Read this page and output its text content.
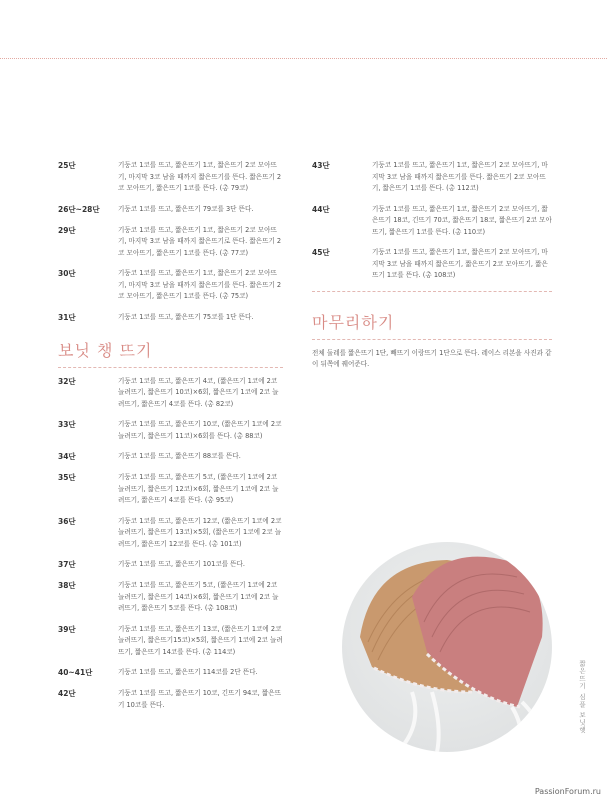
25단	기둥코 1코를 뜨고, 짧은뜨기 1코, 짧은뜨기 2코 모아뜨기, 마지막 3코 남을 때까지 짧은뜨기를 뜬다. 짧은뜨기 2코 모아뜨기, 짧은뜨기 1코를 뜬다. (총 79코)
26단~28단	기둥코 1코를 뜨고, 짧은뜨기 79코를 3단 뜬다.
29단	기둥코 1코를 뜨고, 짧은뜨기 1코, 짧은뜨기 2코 모아뜨기, 마지막 3코 남을 때까지 짧은뜨기로 뜬다. 짧은뜨기 2코 모아뜨기, 짧은뜨기 1코를 뜬다. (총 77코)
30단	기둥코 1코를 뜨고, 짧은뜨기 1코, 짧은뜨기 2코 모아뜨기, 마지막 3코 남을 때까지 짧은뜨기를 뜬다. 짧은뜨기 2코 모아뜨기, 짧은뜨기 1코를 뜬다. (총 75코)
31단	기둥코 1코를 뜨고, 짧은뜨기 75코를 1단 뜬다.
보닛 챙 뜨기
32단	기둥코 1코를 뜨고, 짧은뜨기 4코, (짧은뜨기 1코에 2코 늘려뜨기, 짧은뜨기 10코)×6회, 짧은뜨기 1코에 2코 늘려뜨기, 짧은뜨기 4코를 뜬다. (총 82코)
33단	기둥코 1코를 뜨고, 짧은뜨기 10코, (짧은뜨기 1코에 2코 늘려뜨기, 짧은뜨기 11코)×6회를 뜬다. (총 88코)
34단	기둥코 1코를 뜨고, 짧은뜨기 88코를 뜬다.
35단	기둥코 1코를 뜨고, 짧은뜨기 5코, (짧은뜨기 1코에 2코 늘려뜨기, 짧은뜨기 12코)×6회, 짧은뜨기 1코에 2코 늘려뜨기, 짧은뜨기 4코를 뜬다. (총 95코)
36단	기둥코 1코를 뜨고, 짧은뜨기 12코, (짧은뜨기 1코에 2코 늘려뜨기, 짧은뜨기 13코)×5회, (짧은뜨기 1코에 2코 늘려뜨기, 짧은뜨기 12코를 뜬다. (총 101코)
37단	기둥코 1코를 뜨고, 짧은뜨기 101코를 뜬다.
38단	기둥코 1코를 뜨고, 짧은뜨기 5코, (짧은뜨기 1코에 2코 늘려뜨기, 짧은뜨기 14코)×6회, 짧은뜨기 1코에 2코 늘려뜨기, 짧은뜨기 5코를 뜬다. (총 108코)
39단	기둥코 1코를 뜨고, 짧은뜨기 13코, (짧은뜨기 1코에 2코 늘려뜨기, 짧은뜨기15코)×5회, 짧은뜨기 1코에 2코 늘려뜨기, 짧은뜨기 14코를 뜬다. (총 114코)
40~41단	기둥코 1코를 뜨고, 짧은뜨기 114코를 2단 뜬다.
42단	기둥코 1코를 뜨고, 짧은뜨기 10코, 긴뜨기 94코, 짧은뜨기 10코를 뜬다.
43단	기둥코 1코를 뜨고, 짧은뜨기 1코, 짧은뜨기 2코 모아뜨기, 마지막 3코 남을 때까지 짧은뜨기를 뜬다. 짧은뜨기 2코 모아뜨기, 짧은뜨기 1코를 뜬다. (총 112코)
44단	기둥코 1코를 뜨고, 짧은뜨기 1코, 짧은뜨기 2코 모아뜨기, 짧은뜨기 18코, 긴뜨기 70코, 짧은뜨기 18코, 짧은뜨기 2코 모아뜨기, 짧은뜨기 1코를 뜬다. (총 110코)
45단	기둥코 1코를 뜨고, 짧은뜨기 1코, 짧은뜨기 2코 모아뜨기, 마지막 3코 남을 때까지 짧은뜨기, 짧은뜨기 2코 모아뜨기, 짧은뜨기 1코를 뜬다. (총 108코)
마무리하기
전체 둘레를 짧은뜨기 1단, 빼뜨기 이랑뜨기 1단으로 뜬다. 레이스 리본을 사진과 같이 뒤쪽에 꿰어준다.
짧은뜨기 심플 보닛햇
PassionForum.ru
